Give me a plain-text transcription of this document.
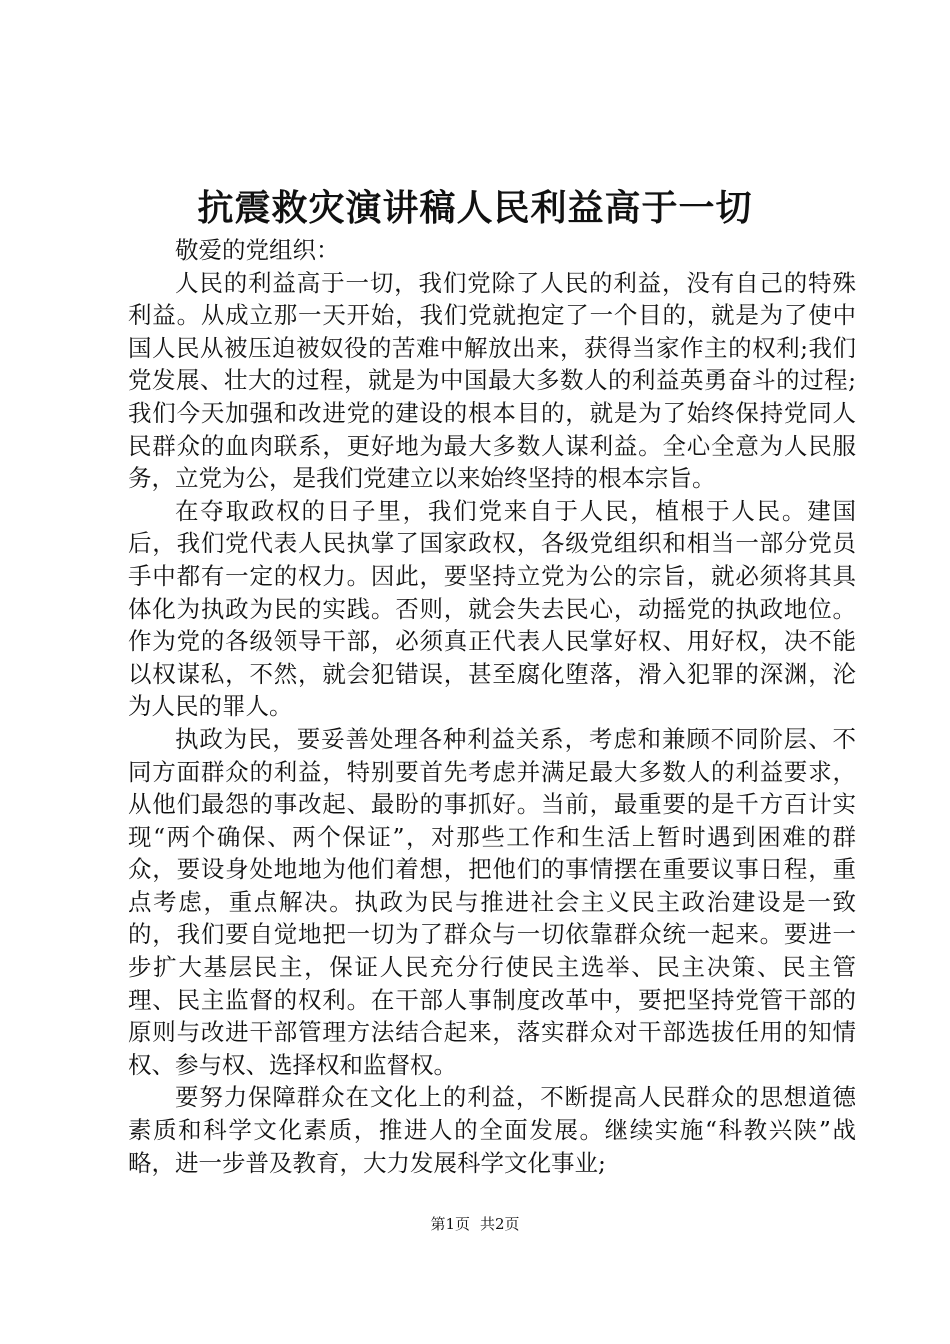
抗震救灾演讲稿人民利益高于一切

敬爱的党组织：

人民的利益高于一切，我们党除了人民的利益，没有自己的特殊利益。从成立那一天开始，我们党就抱定了一个目的，就是为了使中国人民从被压迫被奴役的苦难中解放出来，获得当家作主的权利;我们党发展、壮大的过程，就是为中国最大多数人的利益英勇奋斗的过程;我们今天加强和改进党的建设的根本目的，就是为了始终保持党同人民群众的血肉联系，更好地为最大多数人谋利益。全心全意为人民服务，立党为公，是我们党建立以来始终坚持的根本宗旨。

在夺取政权的日子里，我们党来自于人民，植根于人民。建国后，我们党代表人民执掌了国家政权，各级党组织和相当一部分党员手中都有一定的权力。因此，要坚持立党为公的宗旨，就必须将其具体化为执政为民的实践。否则，就会失去民心，动摇党的执政地位。作为党的各级领导干部，必须真正代表人民掌好权、用好权，决不能以权谋私，不然，就会犯错误，甚至腐化堕落，滑入犯罪的深渊，沦为人民的罪人。

执政为民，要妥善处理各种利益关系，考虑和兼顾不同阶层、不同方面群众的利益，特别要首先考虑并满足最大多数人的利益要求，从他们最怨的事改起、最盼的事抓好。当前，最重要的是千方百计实现“两个确保、两个保证”，对那些工作和生活上暂时遇到困难的群众，要设身处地地为他们着想，把他们的事情摆在重要议事日程，重点考虑，重点解决。执政为民与推进社会主义民主政治建设是一致的，我们要自觉地把一切为了群众与一切依靠群众统一起来。要进一步扩大基层民主，保证人民充分行使民主选举、民主决策、民主管理、民主监督的权利。在干部人事制度改革中，要把坚持党管干部的原则与改进干部管理方法结合起来，落实群众对干部选拔任用的知情权、参与权、选择权和监督权。

要努力保障群众在文化上的利益，不断提高人民群众的思想道德素质和科学文化素质，推进人的全面发展。继续实施“科教兴陕”战略，进一步普及教育，大力发展科学文化事业;

第1页 共2页
